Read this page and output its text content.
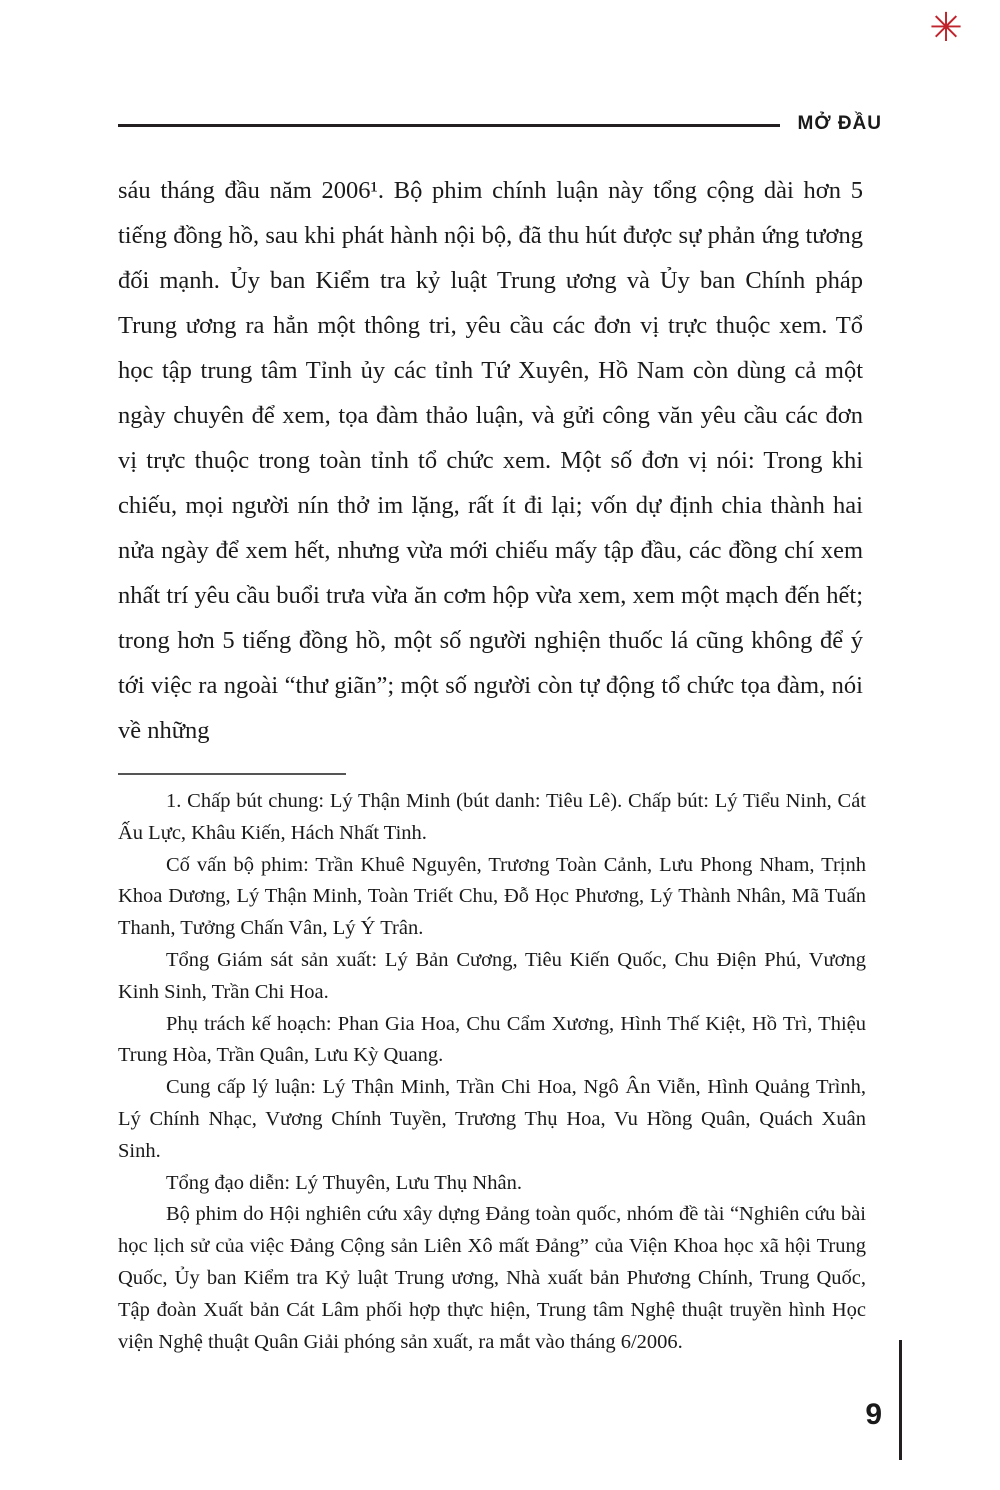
✳
MỞ ĐẦU

sáu tháng đầu năm 2006¹. Bộ phim chính luận này tổng cộng dài hơn 5 tiếng đồng hồ, sau khi phát hành nội bộ, đã thu hút được sự phản ứng tương đối mạnh. Ủy ban Kiểm tra kỷ luật Trung ương và Ủy ban Chính pháp Trung ương ra hẳn một thông tri, yêu cầu các đơn vị trực thuộc xem. Tổ học tập trung tâm Tỉnh ủy các tỉnh Tứ Xuyên, Hồ Nam còn dùng cả một ngày chuyên để xem, tọa đàm thảo luận, và gửi công văn yêu cầu các đơn vị trực thuộc trong toàn tỉnh tổ chức xem. Một số đơn vị nói: Trong khi chiếu, mọi người nín thở im lặng, rất ít đi lại; vốn dự định chia thành hai nửa ngày để xem hết, nhưng vừa mới chiếu mấy tập đầu, các đồng chí xem nhất trí yêu cầu buổi trưa vừa ăn cơm hộp vừa xem, xem một mạch đến hết; trong hơn 5 tiếng đồng hồ, một số người nghiện thuốc lá cũng không để ý tới việc ra ngoài “thư giãn”; một số người còn tự động tổ chức tọa đàm, nói về những

1. Chấp bút chung: Lý Thận Minh (bút danh: Tiêu Lê). Chấp bút: Lý Tiểu Ninh, Cát Ấu Lực, Khâu Kiến, Hách Nhất Tinh.

Cố vấn bộ phim: Trần Khuê Nguyên, Trương Toàn Cảnh, Lưu Phong Nham, Trịnh Khoa Dương, Lý Thận Minh, Toàn Triết Chu, Đỗ Học Phương, Lý Thành Nhân, Mã Tuấn Thanh, Tưởng Chấn Vân, Lý Ý Trân.

Tổng Giám sát sản xuất: Lý Bản Cương, Tiêu Kiến Quốc, Chu Điện Phú, Vương Kinh Sinh, Trần Chi Hoa.

Phụ trách kế hoạch: Phan Gia Hoa, Chu Cẩm Xương, Hình Thế Kiệt, Hồ Trì, Thiệu Trung Hòa, Trần Quân, Lưu Kỳ Quang.

Cung cấp lý luận: Lý Thận Minh, Trần Chi Hoa, Ngô Ân Viễn, Hình Quảng Trình, Lý Chính Nhạc, Vương Chính Tuyền, Trương Thụ Hoa, Vu Hồng Quân, Quách Xuân Sinh.

Tổng đạo diễn: Lý Thuyên, Lưu Thụ Nhân.

Bộ phim do Hội nghiên cứu xây dựng Đảng toàn quốc, nhóm đề tài “Nghiên cứu bài học lịch sử của việc Đảng Cộng sản Liên Xô mất Đảng” của Viện Khoa học xã hội Trung Quốc, Ủy ban Kiểm tra Kỷ luật Trung ương, Nhà xuất bản Phương Chính, Trung Quốc, Tập đoàn Xuất bản Cát Lâm phối hợp thực hiện, Trung tâm Nghệ thuật truyền hình Học viện Nghệ thuật Quân Giải phóng sản xuất, ra mắt vào tháng 6/2006.

9
